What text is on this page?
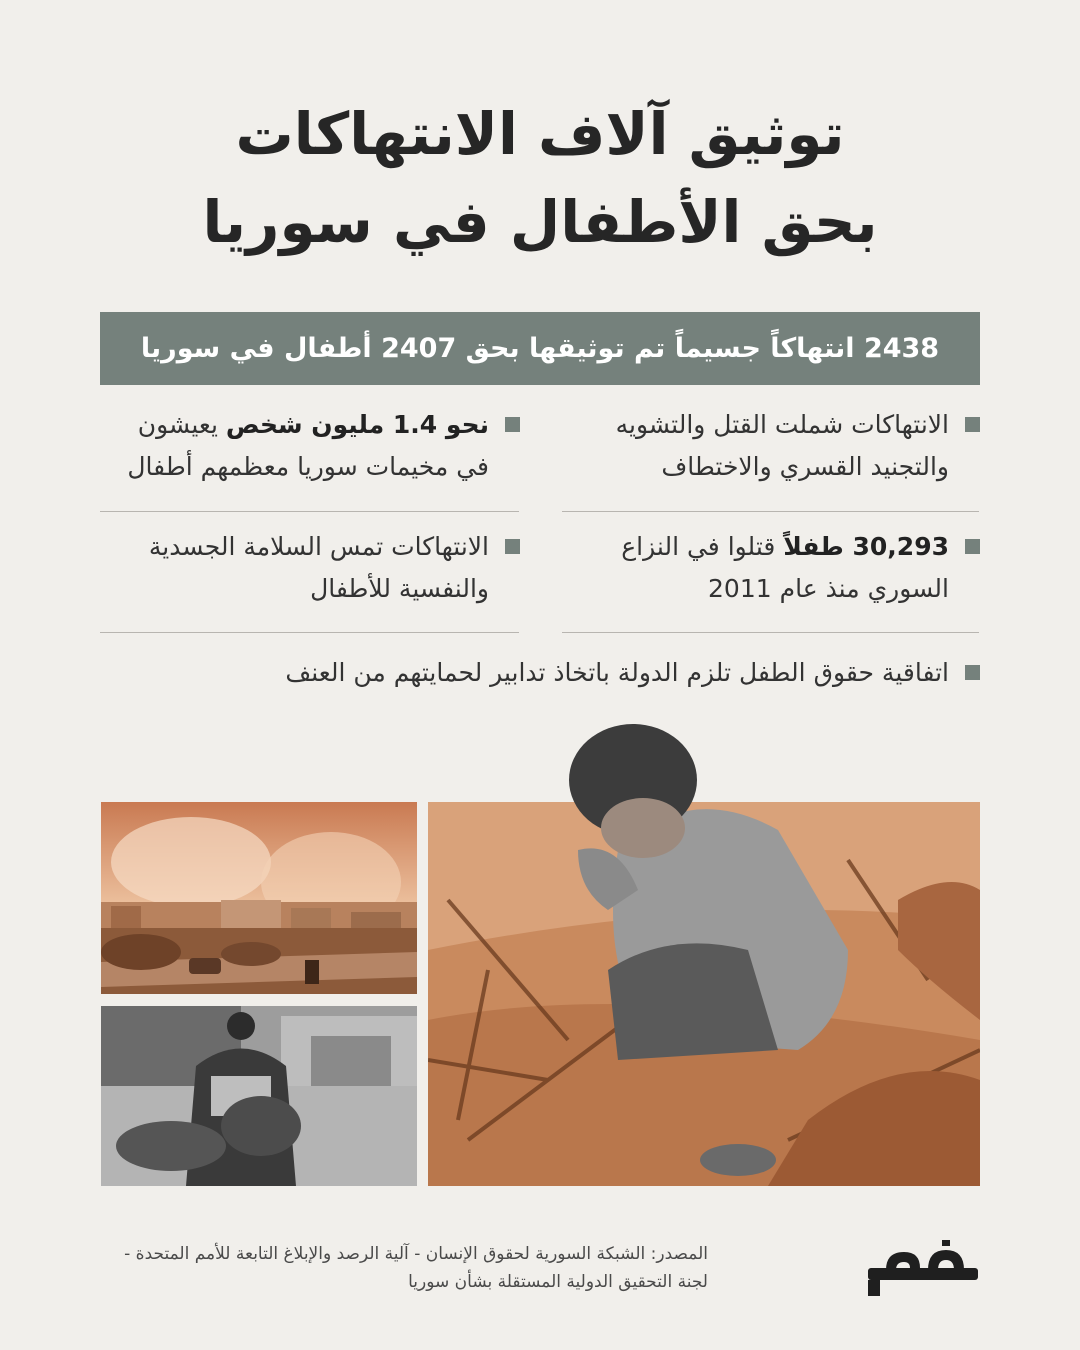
توثيق آلاف الانتهاكات
بحق الأطفال في سوريا
2438 انتهاكاً جسيماً تم توثيقها بحق 2407 أطفال في سوريا
الانتهاكات شملت القتل والتشويه
والتجنيد القسري والاختطاف
نحو 1.4 مليون شخص يعيشون
في مخيمات سوريا معظمهم أطفال
30,293 طفلاً قتلوا في النزاع
السوري منذ عام 2011
الانتهاكات تمس السلامة الجسدية
والنفسية للأطفال
اتفاقية حقوق الطفل تلزم الدولة باتخاذ تدابير لحمايتهم من العنف
المصدر: الشبكة السورية لحقوق الإنسان - آلية الرصد والإبلاغ التابعة للأمم المتحدة -
لجنة التحقيق الدولية المستقلة بشأن سوريا
